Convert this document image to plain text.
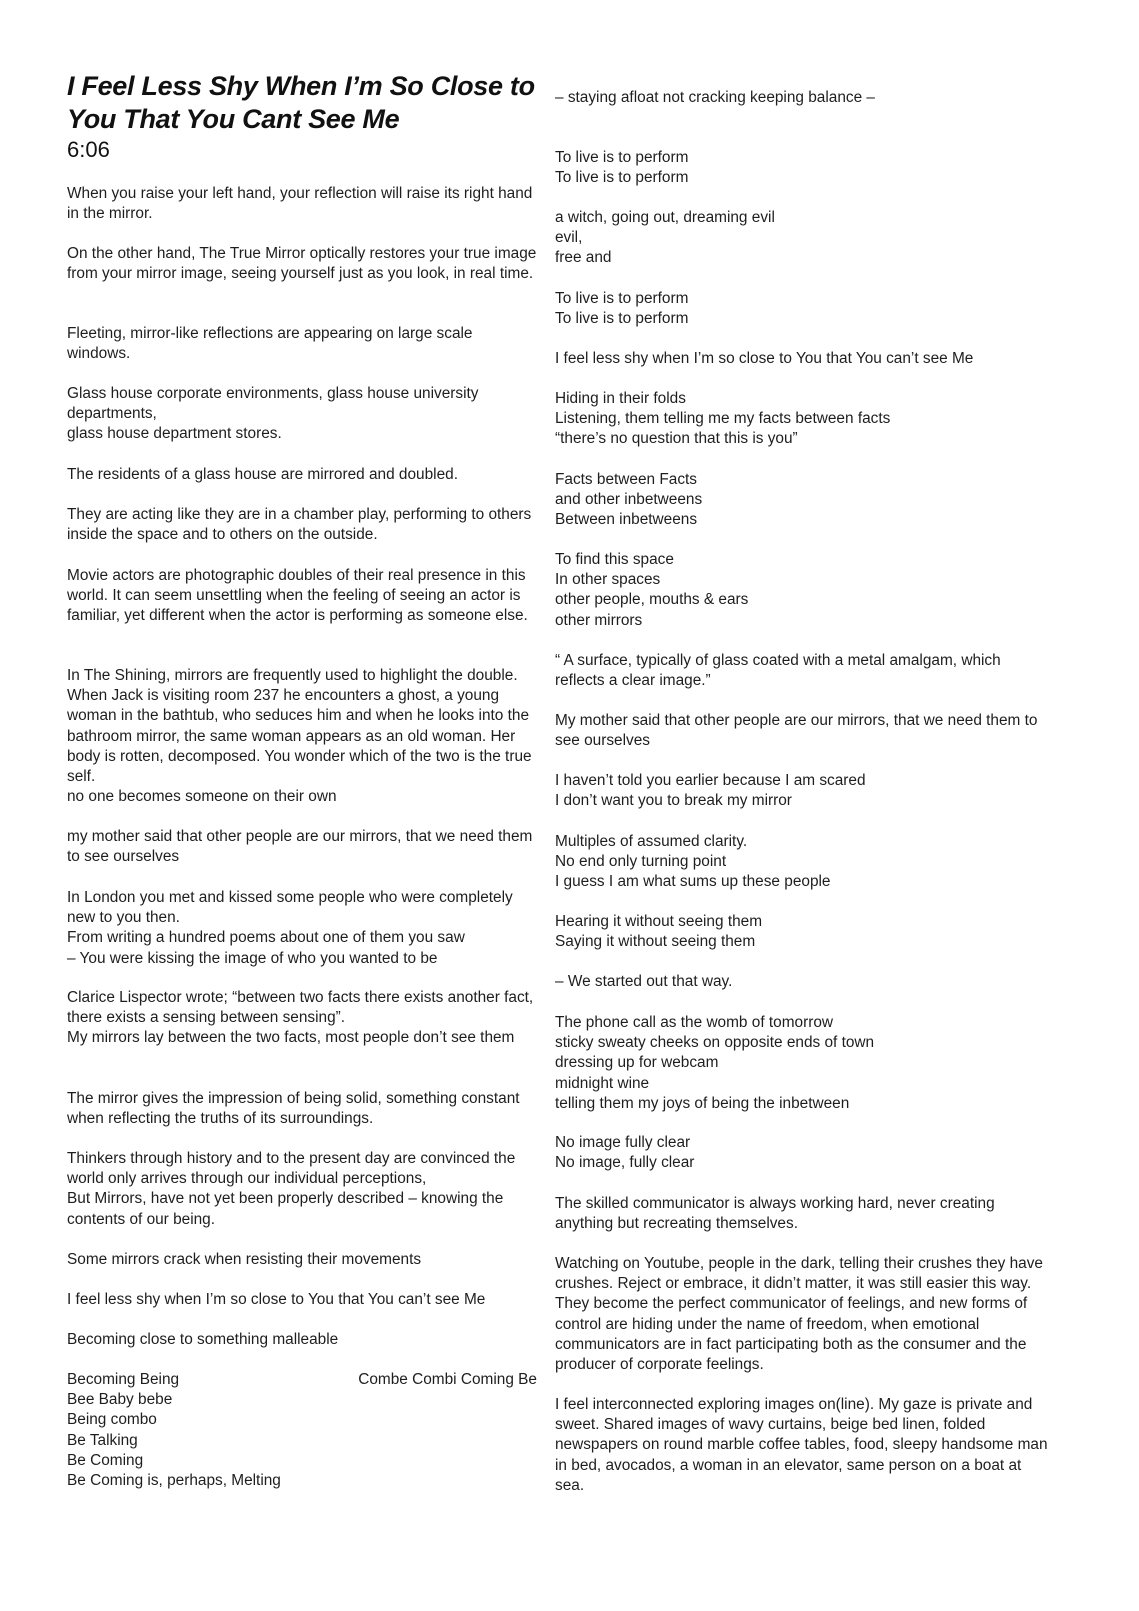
I Feel Less Shy When I’m So Close to You That You Cant See Me
6:06

When you raise your left hand, your reflection will raise its right hand in the mirror.

On the other hand, The True Mirror optically restores your true image from your mirror image, seeing yourself just as you look, in real time.

Fleeting, mirror-like reflections are appearing on large scale windows.

Glass house corporate environments, glass house university departments,
glass house department stores.

The residents of a glass house are mirrored and doubled.

They are acting like they are in a chamber play, performing to others inside the space and to others on the outside.

Movie actors are photographic doubles of their real presence in this world. It can seem unsettling when the feeling of seeing an actor is familiar, yet different when the actor is performing as someone else.

In The Shining, mirrors are frequently used to highlight the double. When Jack is visiting room 237 he encounters a ghost, a young woman in the bathtub, who seduces him and when he looks into the bathroom mirror, the same woman appears as an old woman. Her body is rotten, decomposed. You wonder which of the two is the true self.
no one becomes someone on their own

my mother said that other people are our mirrors, that we need them to see ourselves

In London you met and kissed some people who were completely new to you then.
From writing a hundred poems about one of them you saw
– You were kissing the image of who you wanted to be

Clarice Lispector wrote; “between two facts there exists another fact, there exists a sensing between sensing”.
My mirrors lay between the two facts, most people don’t see them

The mirror gives the impression of being solid, something constant when reflecting the truths of its surroundings.

Thinkers through history and to the present day are convinced the world only arrives through our individual perceptions,
But Mirrors, have not yet been properly described – knowing the contents of our being.

Some mirrors crack when resisting their movements

I feel less shy when I’m so close to You that You can’t see Me

Becoming close to something malleable

Becoming Being
Bee Baby bebe
Being combo
Be Talking
Be Coming
Be Coming is, perhaps, Melting

Combe Combi Coming Be

– staying afloat not cracking keeping balance –

To live is to perform
To live is to perform

a witch, going out, dreaming evil
evil,
free and

To live is to perform
To live is to perform

I feel less shy when I’m so close to You that You can’t see Me

Hiding in their folds
Listening, them telling me my facts between facts
“there’s no question that this is you”

Facts between Facts
and other inbetweens
Between inbetweens

To find this space
In other spaces
other people, mouths & ears
other mirrors

“ A surface, typically of glass coated with a metal amalgam, which reflects a clear image.”

My mother said that other people are our mirrors, that we need them to see ourselves

I haven’t told you earlier because I am scared
I don’t want you to break my mirror

Multiples of assumed clarity.
No end only turning point
I guess I am what sums up these people

Hearing it without seeing them
Saying it without seeing them

– We started out that way.

The phone call as the womb of tomorrow
sticky sweaty cheeks on opposite ends of town
dressing up for webcam
midnight wine
telling them my joys of being the inbetween

No image fully clear
No image, fully clear

The skilled communicator is always working hard, never creating anything but recreating themselves.

Watching on Youtube, people in the dark, telling their crushes they have crushes. Reject or embrace, it didn’t matter, it was still easier this way. They become the perfect communicator of feelings, and new forms of control are hiding under the name of freedom, when emotional communicators are in fact participating both as the consumer and the producer of corporate feelings.

I feel interconnected exploring images on(line). My gaze is private and sweet. Shared images of wavy curtains, beige bed linen, folded newspapers on round marble coffee tables, food, sleepy handsome man in bed, avocados, a woman in an elevator, same person on a boat at sea.
